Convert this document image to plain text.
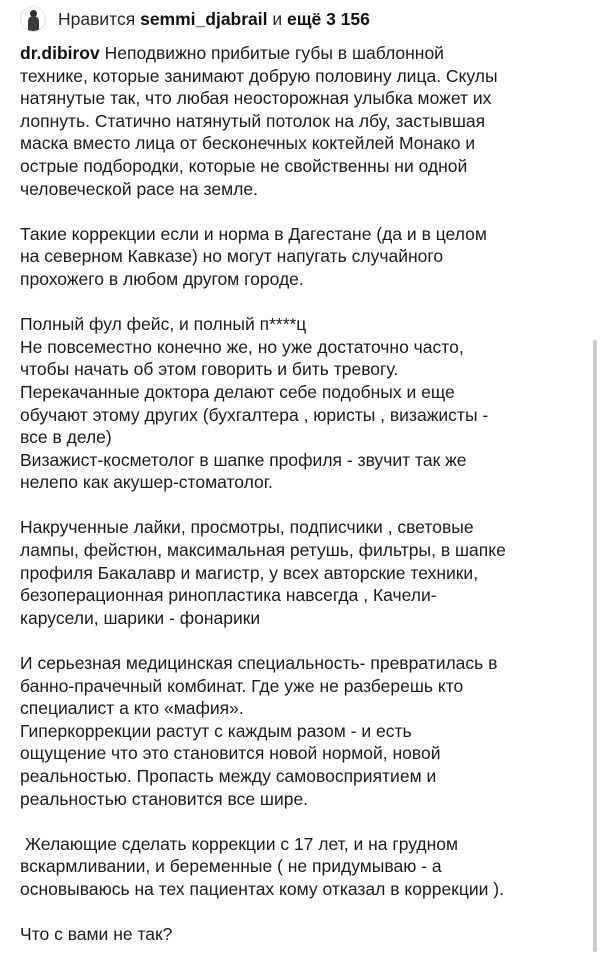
Нравится semmi_djabrail и ещё 3 156
dr.dibirov Неподвижно прибитые губы в шаблонной
технике, которые занимают добрую половину лица. Скулы
натянутые так, что любая неосторожная улыбка может их
лопнуть. Статично натянутый потолок на лбу, застывшая
маска вместо лица от бесконечных коктейлей Монако и
острые подбородки, которые не свойственны ни одной
человеческой расе на земле.
Такие коррекции если и норма в Дагестане (да и в целом
на северном Кавказе) но могут напугать случайного
прохожего в любом другом городе.
Полный фул фейс, и полный п****ц
Не повсеместно конечно же, но уже достаточно часто,
чтобы начать об этом говорить и бить тревогу.
Перекачанные доктора делают себе подобных и еще
обучают этому других (бухгалтера , юристы , визажисты -
все в деле)
Визажист-косметолог в шапке профиля - звучит так же
нелепо как акушер-стоматолог.
Накрученные лайки, просмотры, подписчики , световые
лампы, фейстюн, максимальная ретушь, фильтры, в шапке
профиля Бакалавр и магистр, у всех авторские техники,
безоперационная ринопластика навсегда , Качели-
карусели, шарики - фонарики
И серьезная медицинская специальность- превратилась в
банно-прачечный комбинат. Где уже не разберешь кто
специалист а кто «мафия».
Гиперкоррекции растут с каждым разом - и есть
ощущение что это становится новой нормой, новой
реальностью. Пропасть между самовосприятием и
реальностью становится все шире.
Желающие сделать коррекции с 17 лет, и на грудном
вскармливании, и беременные ( не придумываю - а
основываюсь на тех пациентах кому отказал в коррекции ).
Что с вами не так?
